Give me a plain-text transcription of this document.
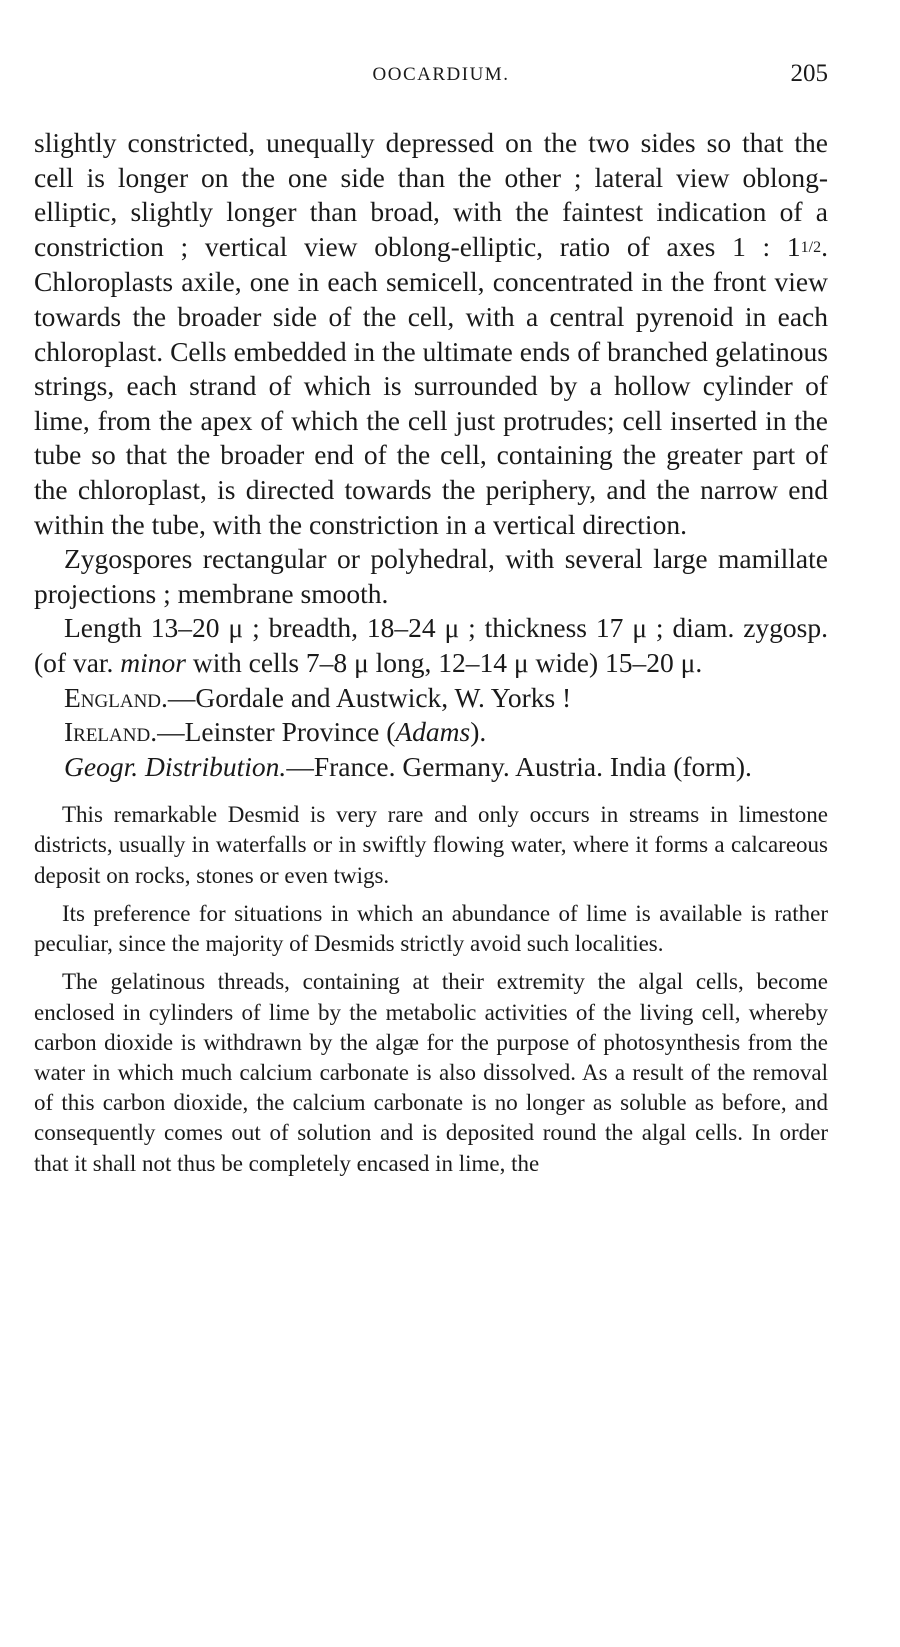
OOCARDIUM.	205

slightly constricted, unequally depressed on the two sides so that the cell is longer on the one side than the other ; lateral view oblong-elliptic, slightly longer than broad, with the faintest indication of a constriction ; vertical view oblong-elliptic, ratio of axes 1 : 11/2. Chloroplasts axile, one in each semicell, concentrated in the front view towards the broader side of the cell, with a central pyrenoid in each chloroplast. Cells embedded in the ultimate ends of branched gelatinous strings, each strand of which is surrounded by a hollow cylinder of lime, from the apex of which the cell just protrudes; cell inserted in the tube so that the broader end of the cell, containing the greater part of the chloroplast, is directed towards the periphery, and the narrow end within the tube, with the constriction in a vertical direction.

Zygospores rectangular or polyhedral, with several large mamillate projections ; membrane smooth.

Length 13–20 μ ; breadth, 18–24 μ ; thickness 17 μ ; diam. zygosp. (of var. minor with cells 7–8 μ long, 12–14 μ wide) 15–20 μ.

England.—Gordale and Austwick, W. Yorks !

Ireland.—Leinster Province (Adams).

Geogr. Distribution.—France. Germany. Austria. India (form).

This remarkable Desmid is very rare and only occurs in streams in limestone districts, usually in waterfalls or in swiftly flowing water, where it forms a calcareous deposit on rocks, stones or even twigs.

Its preference for situations in which an abundance of lime is available is rather peculiar, since the majority of Desmids strictly avoid such localities.

The gelatinous threads, containing at their extremity the algal cells, become enclosed in cylinders of lime by the metabolic activities of the living cell, whereby carbon dioxide is withdrawn by the algæ for the purpose of photosynthesis from the water in which much calcium carbonate is also dissolved. As a result of the removal of this carbon dioxide, the calcium carbonate is no longer as soluble as before, and consequently comes out of solution and is deposited round the algal cells. In order that it shall not thus be completely encased in lime, the
